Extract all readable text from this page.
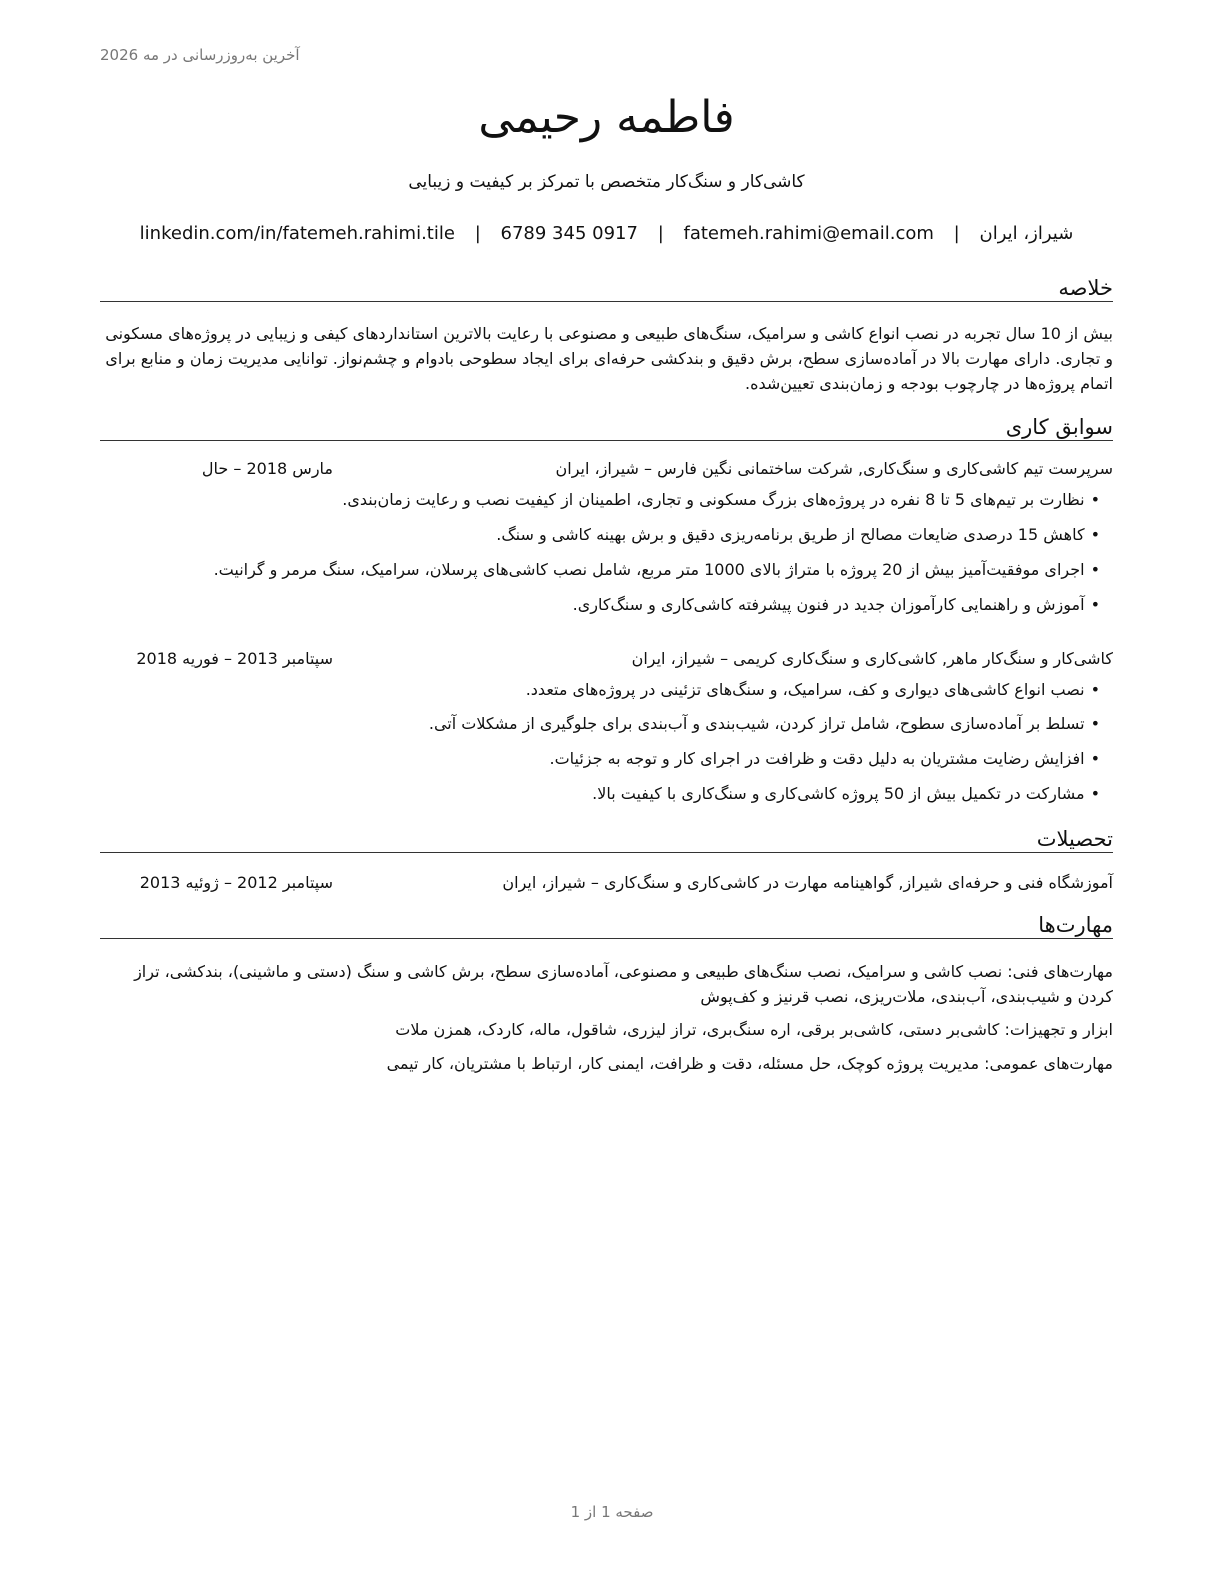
آخرین به‌روزرسانی در مه 2026
فاطمه رحیمی
کاشی‌کار و سنگ‌کار متخصص با تمرکز بر کیفیت و زیبایی
linkedin.com/in/fatemeh.rahimi.tile | 0917 345 6789 | fatemeh.rahimi@email.com | شیراز، ایران
خلاصه
بیش از 10 سال تجربه در نصب انواع کاشی و سرامیک، سنگ‌های طبیعی و مصنوعی با رعایت بالاترین استانداردهای کیفی و زیبایی در پروژه‌های مسکونی و تجاری. دارای مهارت بالا در آماده‌سازی سطح، برش دقیق و بندکشی حرفه‌ای برای ایجاد سطوحی بادوام و چشم‌نواز. توانایی مدیریت زمان و منابع برای اتمام پروژه‌ها در چارچوب بودجه و زمان‌بندی تعیین‌شده.
سوابق کاری
سرپرست تیم کاشی‌کاری و سنگ‌کاری, شرکت ساختمانی نگین فارس – شیراز، ایران
مارس 2018 – حال
•نظارت بر تیم‌های 5 تا 8 نفره در پروژه‌های بزرگ مسکونی و تجاری، اطمینان از کیفیت نصب و رعایت زمان‌بندی.
•کاهش 15 درصدی ضایعات مصالح از طریق برنامه‌ریزی دقیق و برش بهینه کاشی و سنگ.
•اجرای موفقیت‌آمیز بیش از 20 پروژه با متراژ بالای 1000 متر مربع، شامل نصب کاشی‌های پرسلان، سرامیک، سنگ مرمر و گرانیت.
•آموزش و راهنمایی کارآموزان جدید در فنون پیشرفته کاشی‌کاری و سنگ‌کاری.
کاشی‌کار و سنگ‌کار ماهر, کاشی‌کاری و سنگ‌کاری کریمی – شیراز، ایران
سپتامبر 2013 – فوریه 2018
•نصب انواع کاشی‌های دیواری و کف، سرامیک، و سنگ‌های تزئینی در پروژه‌های متعدد.
•تسلط بر آماده‌سازی سطوح، شامل تراز کردن، شیب‌بندی و آب‌بندی برای جلوگیری از مشکلات آتی.
•افزایش رضایت مشتریان به دلیل دقت و ظرافت در اجرای کار و توجه به جزئیات.
•مشارکت در تکمیل بیش از 50 پروژه کاشی‌کاری و سنگ‌کاری با کیفیت بالا.
تحصیلات
آموزشگاه فنی و حرفه‌ای شیراز, گواهینامه مهارت در کاشی‌کاری و سنگ‌کاری – شیراز، ایران
سپتامبر 2012 – ژوئیه 2013
مهارت‌ها
مهارت‌های فنی: نصب کاشی و سرامیک، نصب سنگ‌های طبیعی و مصنوعی، آماده‌سازی سطح، برش کاشی و سنگ (دستی و ماشینی)، بندکشی، تراز کردن و شیب‌بندی، آب‌بندی، ملات‌ریزی، نصب قرنیز و کف‌پوش
ابزار و تجهیزات: کاشی‌بر دستی، کاشی‌بر برقی، اره سنگ‌بری، تراز لیزری، شاقول، ماله، کاردک، همزن ملات
مهارت‌های عمومی: مدیریت پروژه کوچک، حل مسئله، دقت و ظرافت، ایمنی کار، ارتباط با مشتریان، کار تیمی
صفحه 1 از 1
